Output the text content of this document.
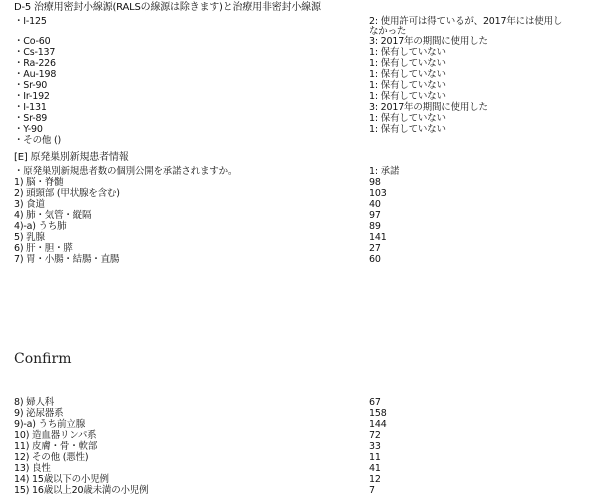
D-5 治療用密封小線源(RALSの線源は除きます)と治療用非密封小線源
・I-125	2: 使用許可は得ているが、2017年には使用し
なかった
・Co-60	3: 2017年の期間に使用した
・Cs-137	1: 保有していない
・Ra-226	1: 保有していない
・Au-198	1: 保有していない
・Sr-90	1: 保有していない
・Ir-192	1: 保有していない
・I-131	3: 2017年の期間に使用した
・Sr-89	1: 保有していない
・Y-90	1: 保有していない
・その他 ()
[E] 原発巣別新規患者情報
・原発巣別新規患者数の個別公開を承諾されますか。	1: 承諾
1) 脳・脊髄	98
2) 頭頸部 (甲状腺を含む)	103
3) 食道	40
4) 肺・気管・縦隔	97
4)-a) うち肺	89
5) 乳腺	141
6) 肝・胆・膵	27
7) 胃・小腸・結腸・直腸	60
Confirm
8) 婦人科	67
9) 泌尿器系	158
9)-a) うち前立腺	144
10) 造血器リンパ系	72
11) 皮膚・骨・軟部	33
12) その他 (悪性)	11
13) 良性	41
14) 15歳以下の小児例	12
15) 16歳以上20歳未満の小児例	7
